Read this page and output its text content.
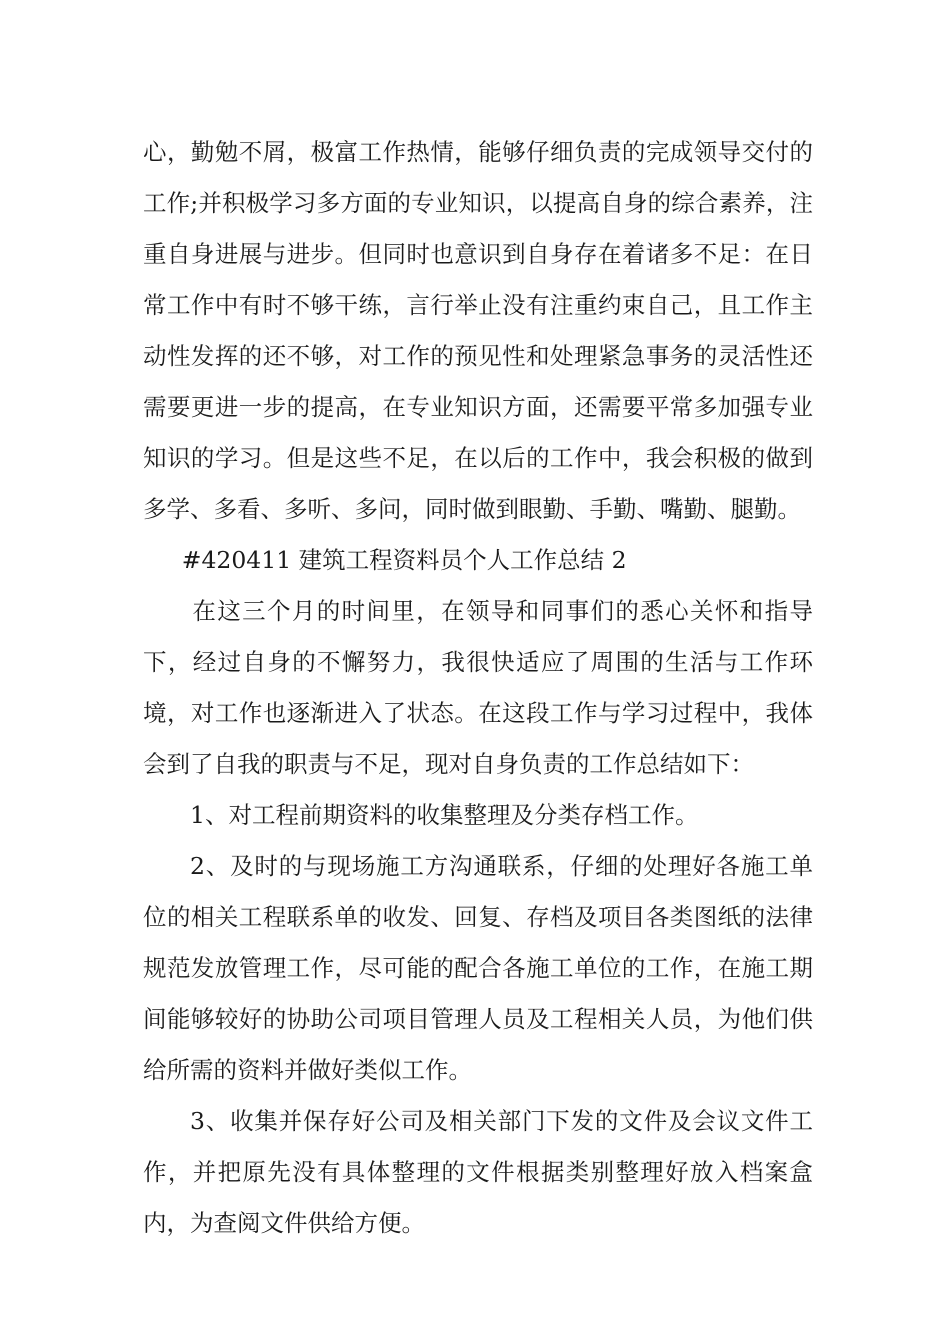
心，勤勉不屑，极富工作热情，能够仔细负责的完成领导交付的工作;并积极学习多方面的专业知识，以提高自身的综合素养，注重自身进展与进步。但同时也意识到自身存在着诸多不足：在日常工作中有时不够干练，言行举止没有注重约束自己，且工作主动性发挥的还不够，对工作的预见性和处理紧急事务的灵活性还需要更进一步的提高，在专业知识方面，还需要平常多加强专业知识的学习。但是这些不足，在以后的工作中，我会积极的做到多学、多看、多听、多问，同时做到眼勤、手勤、嘴勤、腿勤。

#420411 建筑工程资料员个人工作总结 2

在这三个月的时间里，在领导和同事们的悉心关怀和指导下，经过自身的不懈努力，我很快适应了周围的生活与工作环境，对工作也逐渐进入了状态。在这段工作与学习过程中，我体会到了自我的职责与不足，现对自身负责的工作总结如下：

1、对工程前期资料的收集整理及分类存档工作。

2、及时的与现场施工方沟通联系，仔细的处理好各施工单位的相关工程联系单的收发、回复、存档及项目各类图纸的法律规范发放管理工作，尽可能的配合各施工单位的工作，在施工期间能够较好的协助公司项目管理人员及工程相关人员，为他们供给所需的资料并做好类似工作。

3、收集并保存好公司及相关部门下发的文件及会议文件工作，并把原先没有具体整理的文件根据类别整理好放入档案盒内，为查阅文件供给方便。
